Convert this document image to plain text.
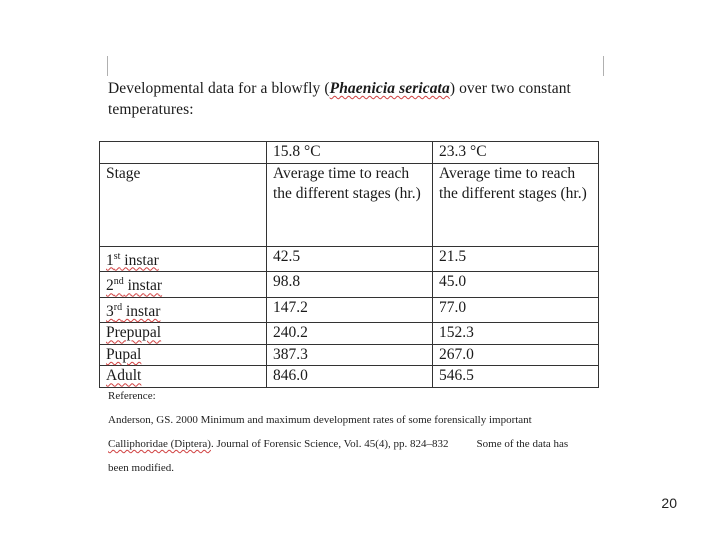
Developmental data for a blowfly (Phaenicia sericata) over two constant temperatures:
	15.8 °C	23.3 °C
Stage	Average time to reach the different stages (hr.)	Average time to reach the different stages (hr.)
1st instar	42.5	21.5
2nd instar	98.8	45.0
3rd instar	147.2	77.0
Prepupal	240.2	152.3
Pupal	387.3	267.0
Adult	846.0	546.5
Reference:
Anderson, GS. 2000 Minimum and maximum development rates of some forensically important
Calliphoridae (Diptera). Journal of Forensic Science, Vol. 45(4), pp. 824–832	Some of the data has
been modified.
20
